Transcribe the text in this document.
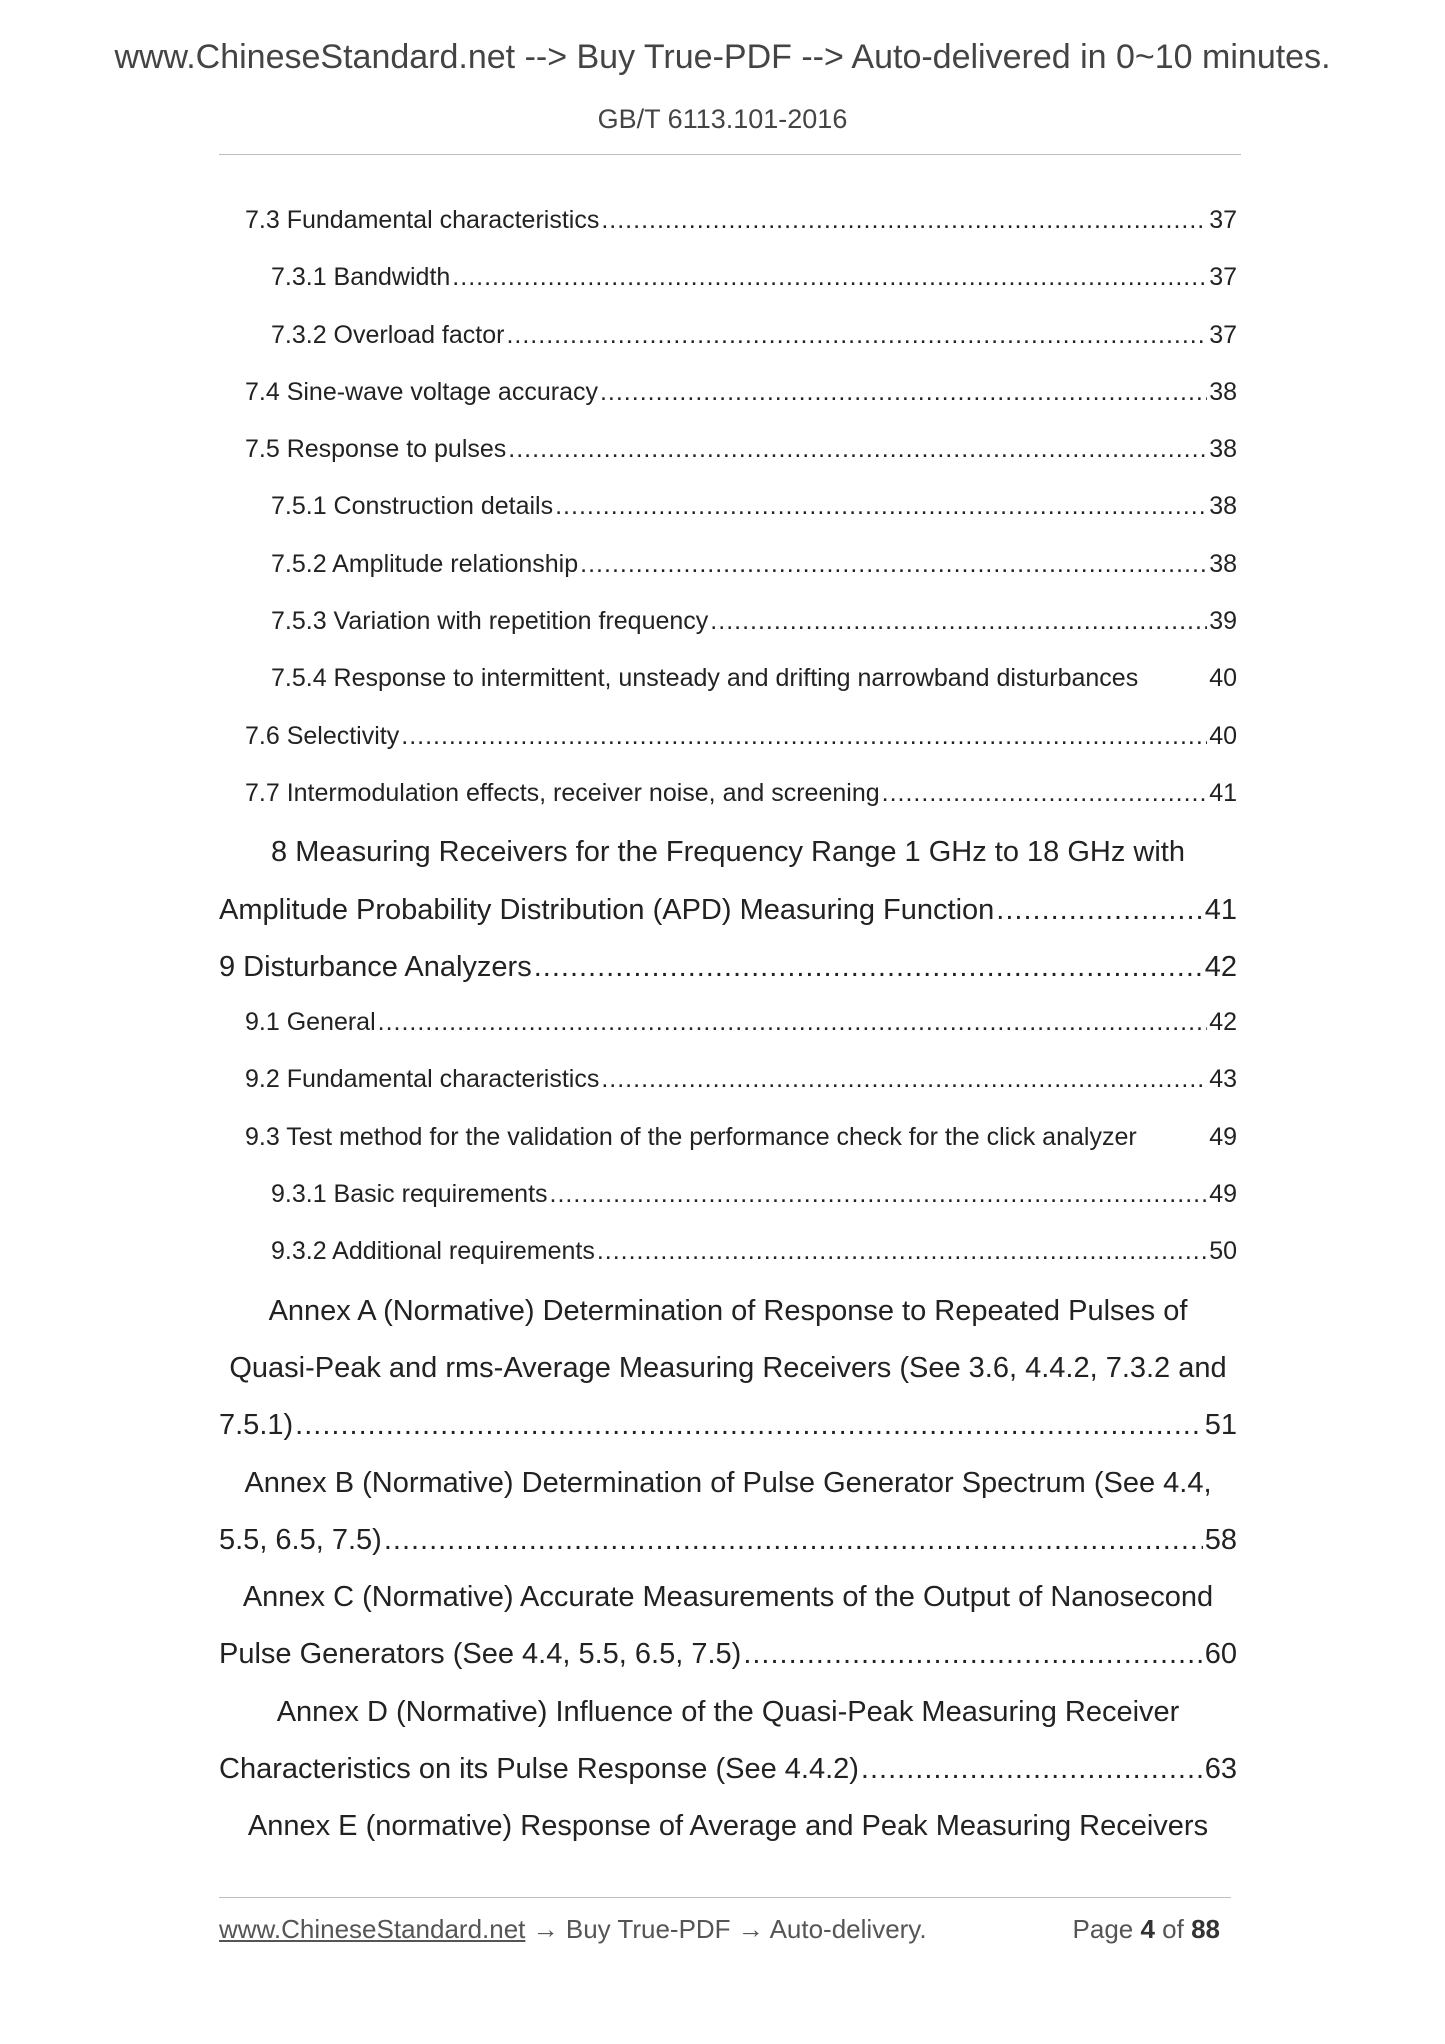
www.ChineseStandard.net --> Buy True-PDF --> Auto-delivered in 0~10 minutes.
GB/T 6113.101-2016
7.3 Fundamental characteristics .....	37
7.3.1 Bandwidth .....	37
7.3.2 Overload factor .....	37
7.4 Sine-wave voltage accuracy .....	38
7.5 Response to pulses .....	38
7.5.1 Construction details .....	38
7.5.2 Amplitude relationship .....	38
7.5.3 Variation with repetition frequency .....	39
7.5.4 Response to intermittent, unsteady and drifting narrowband disturbances	40
7.6 Selectivity .....	40
7.7 Intermodulation effects, receiver noise, and screening .....	41
8 Measuring Receivers for the Frequency Range 1 GHz to 18 GHz with
Amplitude Probability Distribution (APD) Measuring Function .....	41
9 Disturbance Analyzers .....	42
9.1 General .....	42
9.2 Fundamental characteristics .....	43
9.3 Test method for the validation of the performance check for the click analyzer	49
9.3.1 Basic requirements .....	49
9.3.2 Additional requirements .....	50
Annex A (Normative) Determination of Response to Repeated Pulses of
Quasi-Peak and rms-Average Measuring Receivers (See 3.6, 4.4.2, 7.3.2 and
7.5.1) .....	51
Annex B (Normative) Determination of Pulse Generator Spectrum (See 4.4,
5.5, 6.5, 7.5) .....	58
Annex C (Normative) Accurate Measurements of the Output of Nanosecond
Pulse Generators (See 4.4, 5.5, 6.5, 7.5) .....	60
Annex D (Normative) Influence of the Quasi-Peak Measuring Receiver
Characteristics on its Pulse Response (See 4.4.2) .....	63
Annex E (normative) Response of Average and Peak Measuring Receivers
www.ChineseStandard.net → Buy True-PDF → Auto-delivery.	Page 4 of 88
